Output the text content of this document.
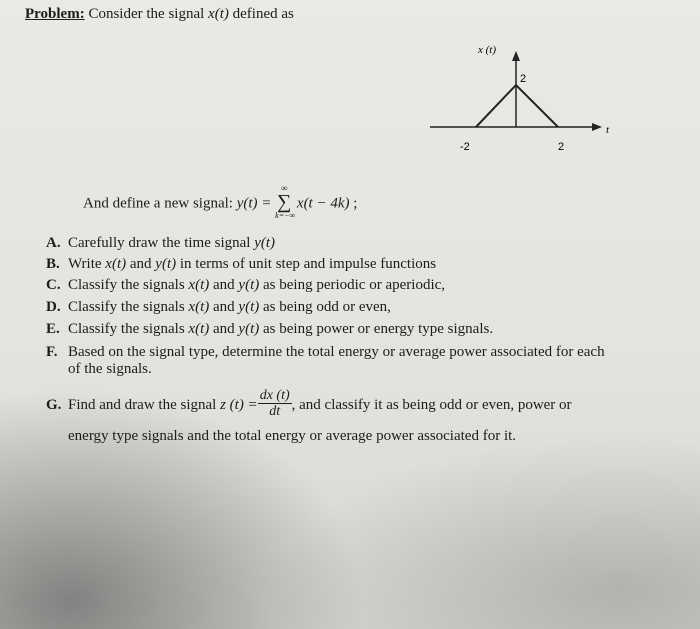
Problem: Consider the signal x(t) defined as
x (t)
t
2
-2	2
And define a new signal: y(t) =
∞
∑
k=−∞
x(t − 4k) ;
A. Carefully draw the time signal y(t)
B. Write x(t) and y(t) in terms of unit step and impulse functions
C. Classify the signals x(t) and y(t) as being periodic or aperiodic,
D. Classify the signals x(t) and y(t) as being odd or even,
E. Classify the signals x(t) and y(t) as being power or energy type signals.
F. Based on the signal type, determine the total energy or average power associated for each
of the signals.
G. Find and draw the signal z $(t) = \frac{dx (t)}{dt}$ , and classify it as being odd or even, power or
energy type signals and the total energy or average power associated for it.
